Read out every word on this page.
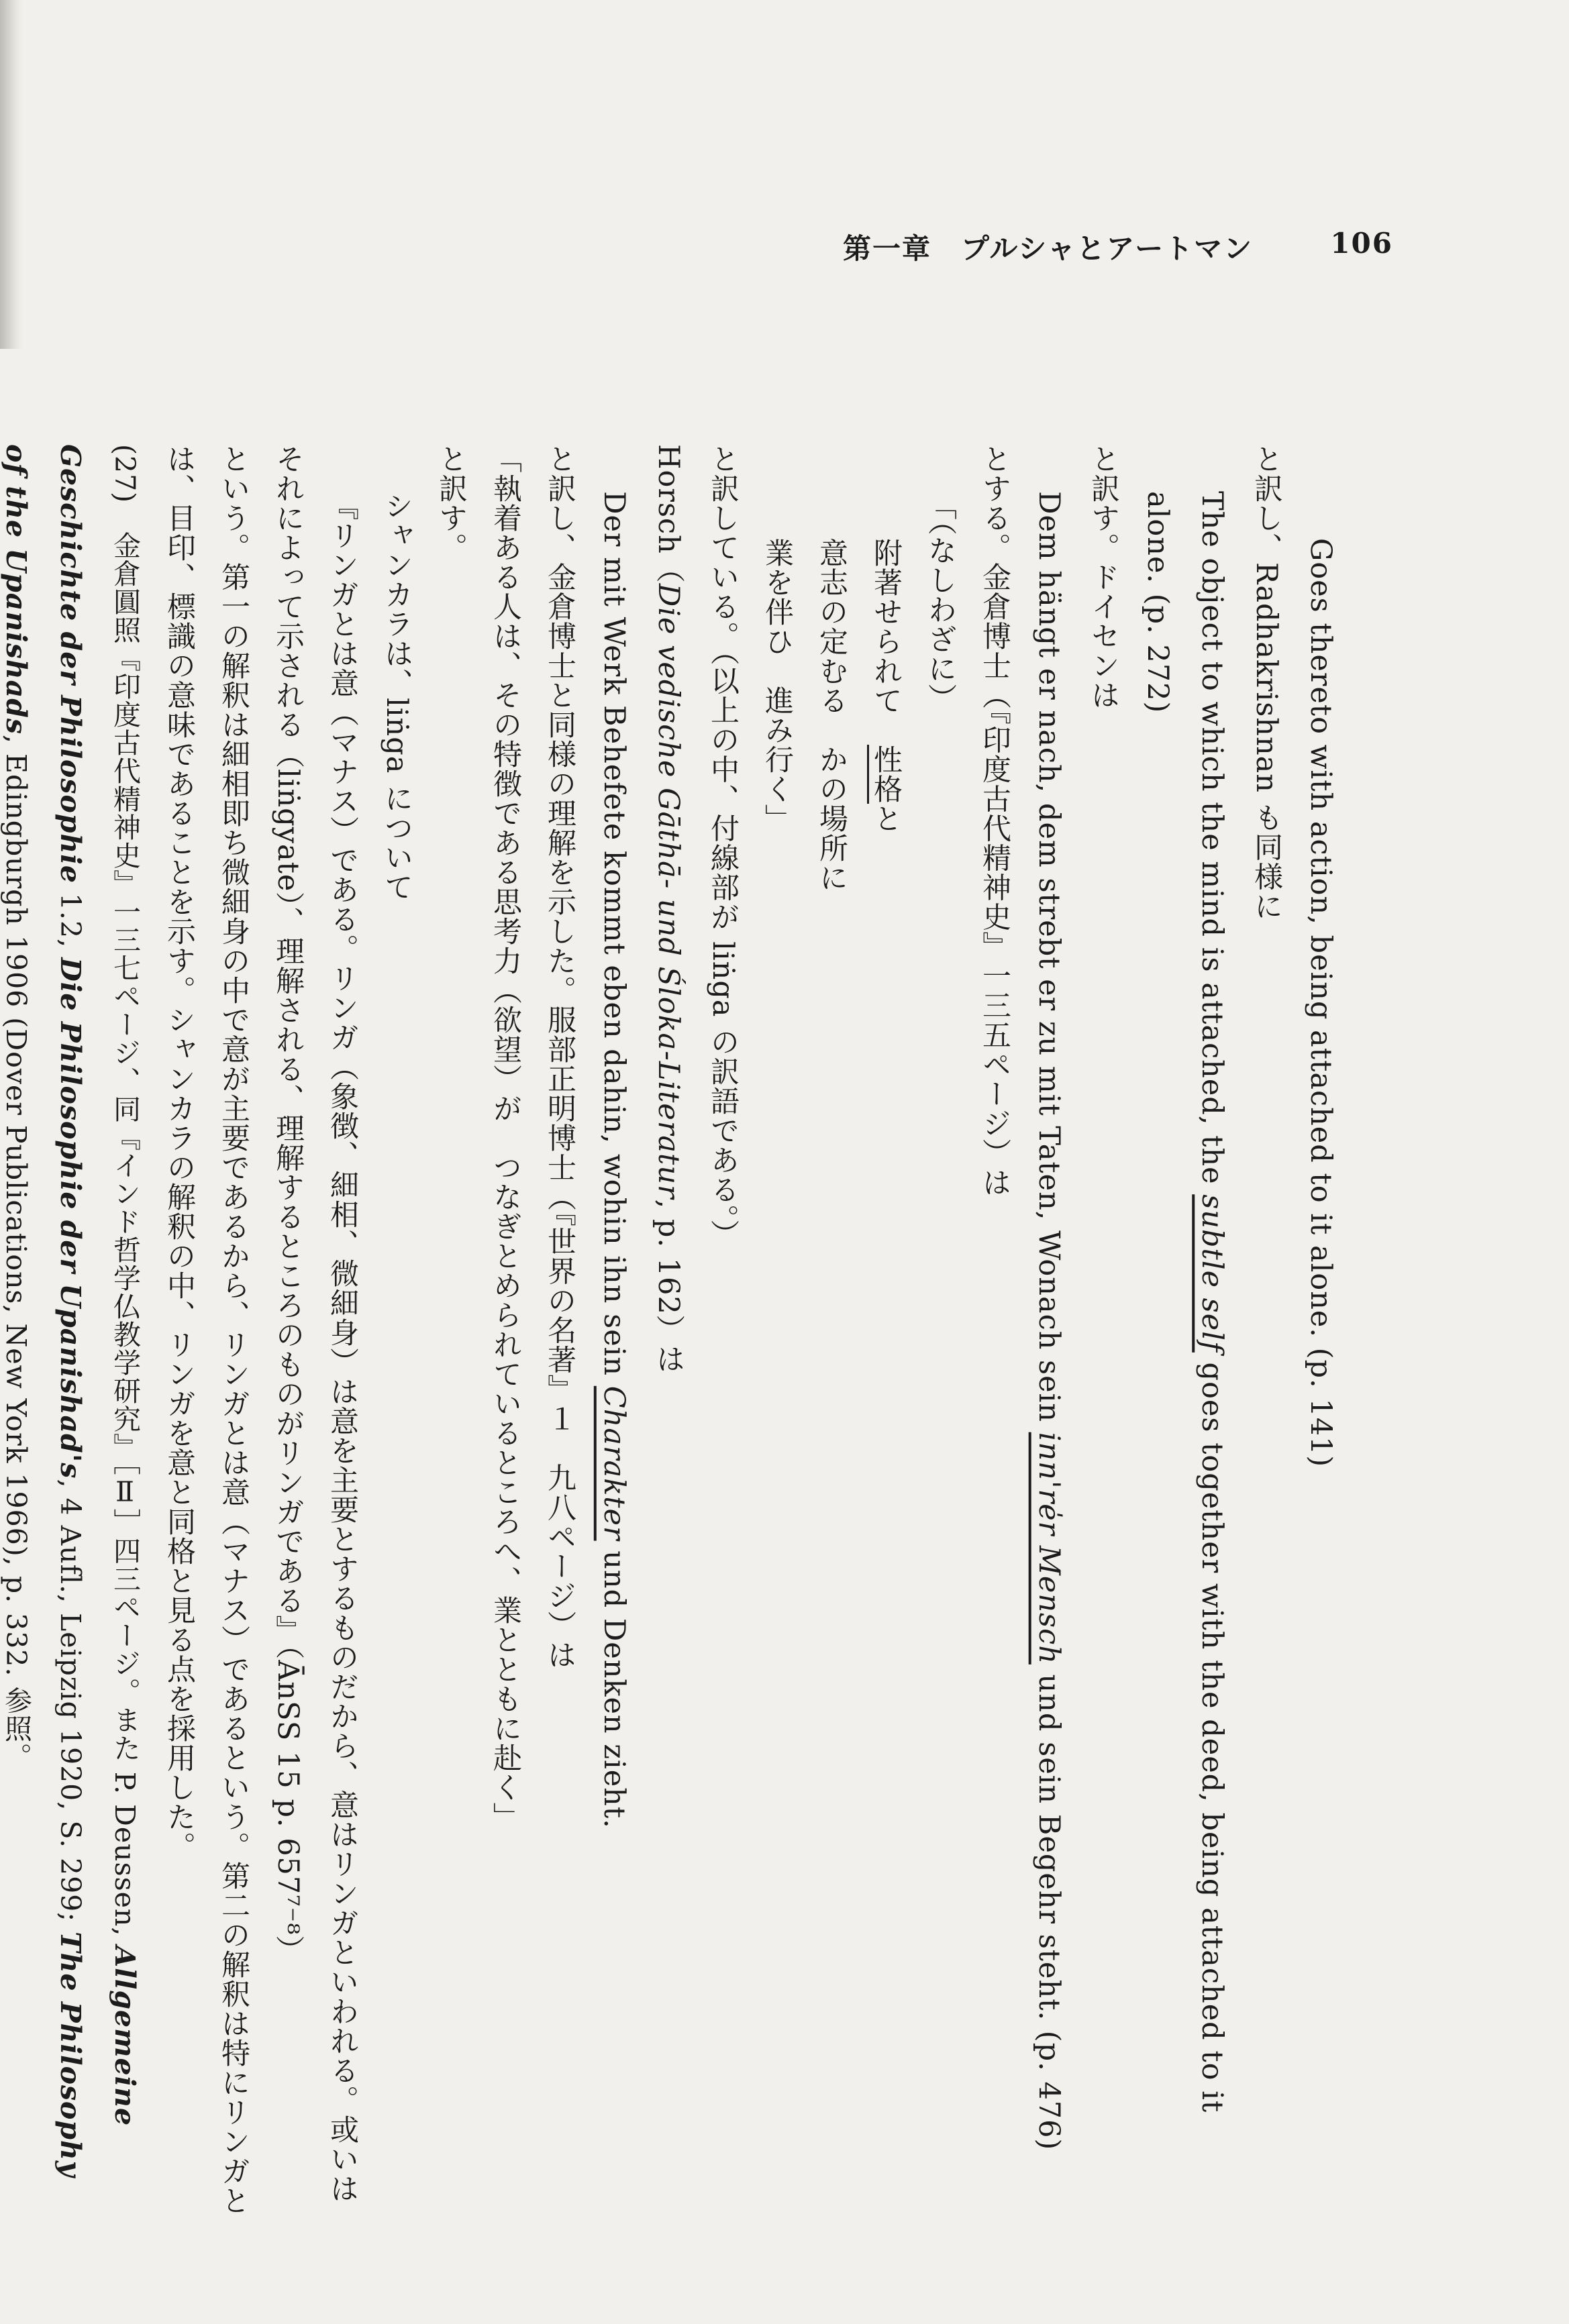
第一章　プルシャとアートマン	106
Goes thereto with action, being attached to it alone. (p. 141)
と訳し、Radhakrishnan も同様に
The object to which the mind is attached, the subtle self goes together with the deed, being attached to it
alone. (p. 272)
と訳す。ドイセンは
Dem hängt er nach, dem strebt er zu mit Taten, Wonach sein inn're̍r Mensch und sein Begehr steht. (p. 476)
とする。金倉博士（『印度古代精神史』一三五ページ）は
「（なしわざに）
附著せられて　性格と
意志の定むる　かの場所に
業を伴ひ　進み行く」
と訳している。（以上の中、付線部が liṅga の訳語である。）
Horsch（Die vedische Gāthā- und Śloka-Literatur, p. 162）は
Der mit Werk Behefete kommt eben dahin, wohin ihn sein Charakter und Denken zieht.
と訳し、金倉博士と同様の理解を示した。服部正明博士（『世界の名著』１　九八ページ）は
「執着ある人は、その特徴である思考力（欲望）が　つなぎとめられているところへ、業とともに赴く」
と訳す。
シャンカラは、liṅga について
『リンガとは意（マナス）である。リンガ（象徴、細相、微細身）は意を主要とするものだから、意はリンガといわれる。或いは
それによって示される（liṅgyate）、理解される、理解するところのものがリンガである』（ĀnSS 15 p. 657⁷⁻⁸）
という。第一の解釈は細相即ち微細身の中で意が主要であるから、リンガとは意（マナス）であるという。第二の解釈は特にリンガと
は、目印、標識の意味であることを示す。シャンカラの解釈の中、リンガを意と同格と見る点を採用した。
(27)　金倉圓照『印度古代精神史』一三七ページ、同『インド哲学仏教学研究』［Ⅱ］四三ページ。また P. Deussen, Allgemeine
Geschichte der Philosophie 1.2, Die Philosophie der Upanishad's, 4 Aufl., Leipzig 1920, S. 299; The Philosophy
of the Upanishads, Edingburgh 1906 (Dover Publications, New York 1966), p. 332. 参照。
